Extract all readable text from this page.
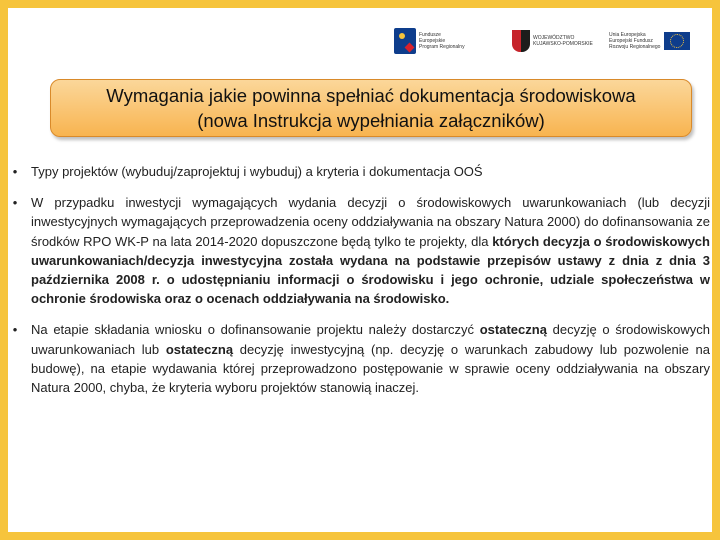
Fundusze
Europejskie
Program Regionalny
WOJEWÓDZTWO
KUJAWSKO-POMORSKIE
Unia Europejska
Europejski Fundusz
Rozwoju Regionalnego
Wymagania jakie powinna spełniać dokumentacja środowiskowa
(nowa Instrukcja wypełniania załączników)
• Typy projektów (wybuduj/zaprojektuj i wybuduj) a kryteria i dokumentacja OOŚ
• W przypadku inwestycji wymagających wydania decyzji o środowiskowych uwarunkowaniach (lub decyzji inwestycyjnych wymagających przeprowadzenia oceny oddziaływania na obszary Natura 2000) do dofinansowania ze środków RPO WK-P na lata 2014-2020 dopuszczone będą tylko te projekty, dla których decyzja o środowiskowych uwarunkowaniach/decyzja inwestycyjna została wydana na podstawie przepisów ustawy z dnia z dnia 3 października 2008 r. o udostępnianiu informacji o środowisku i jego ochronie, udziale społeczeństwa w ochronie środowiska oraz o ocenach oddziaływania na środowisko.
• Na etapie składania wniosku o dofinansowanie projektu należy dostarczyć ostateczną decyzję o środowiskowych uwarunkowaniach lub ostateczną decyzję inwestycyjną (np. decyzję o warunkach zabudowy lub pozwolenie na budowę), na etapie wydawania której przeprowadzono postępowanie w sprawie oceny oddziaływania na obszary Natura 2000, chyba, że kryteria wyboru projektów stanowią inaczej.
